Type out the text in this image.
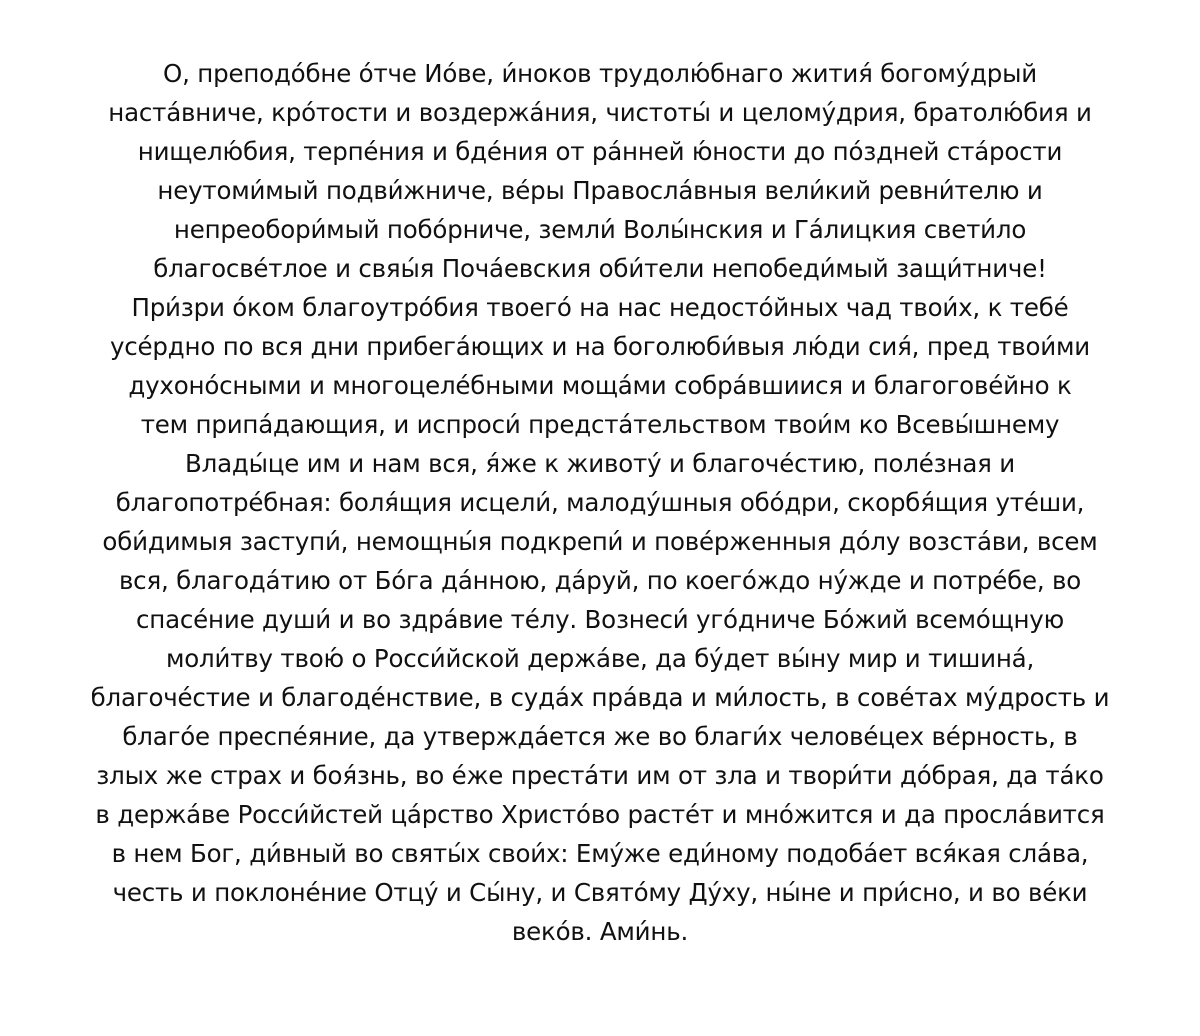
О, преподо́бне о́тче Ио́ве, и́ноков трудолю́бнаго жития́ богому́дрый
наста́вниче, кро́тости и воздержа́ния, чистоты́ и целому́дрия, братолю́бия и
нищелю́бия, терпе́ния и бде́ния от ра́нней ю́ности до по́здней ста́рости
неутоми́мый подви́жниче, ве́ры Правосла́вныя вели́кий ревни́телю и
непреобори́мый побо́рниче, земли́ Волы́нския и Га́лицкия свети́ло
благосве́тлое и свяы́я Поча́евския оби́тели непобеди́мый защи́тниче!
При́зри о́ком благоутро́бия твоего́ на нас недосто́йных чад твои́х, к тебе́
усе́рдно по вся дни прибега́ющих и на боголюби́выя лю́ди сия́, пред твои́ми
духоно́сными и многоцеле́бными моща́ми собра́вшиися и благогове́йно к
тем припа́дающия, и испроси́ предста́тельством твои́м ко Всевы́шнему
Влады́це им и нам вся, я́же к животу́ и благоче́стию, поле́зная и
благопотре́бная: боля́щия исцели́, малоду́шныя обо́дри, скорбя́щия уте́ши,
оби́димыя заступи́, немощны́я подкрепи́ и пове́рженныя до́лу возста́ви, всем
вся, благода́тию от Бо́га да́нною, да́руй, по коего́ждо ну́жде и потре́бе, во
спасе́ние души́ и во здра́вие те́лу. Вознеси́ уго́дниче Бо́жий всемо́щную
моли́тву твою́ о Росси́йской держа́ве, да бу́дет вы́ну мир и тишина́,
благоче́стие и благоде́нствие, в суда́х пра́вда и ми́лость, в сове́тах му́дрость и
благо́е преспе́яние, да утвержда́ется же во благи́х челове́цех ве́рность, в
злых же страх и боя́знь, во е́же преста́ти им от зла и твори́ти до́брая, да та́ко
в держа́ве Росси́йстей ца́рство Христо́во расте́т и мно́жится и да просла́вится
в нем Бог, ди́вный во святы́х свои́х: Ему́же еди́ному подоба́ет вся́кая сла́ва,
честь и поклоне́ние Отцу́ и Сы́ну, и Свято́му Ду́ху, ны́не и при́сно, и во ве́ки
веко́в. Ами́нь.
